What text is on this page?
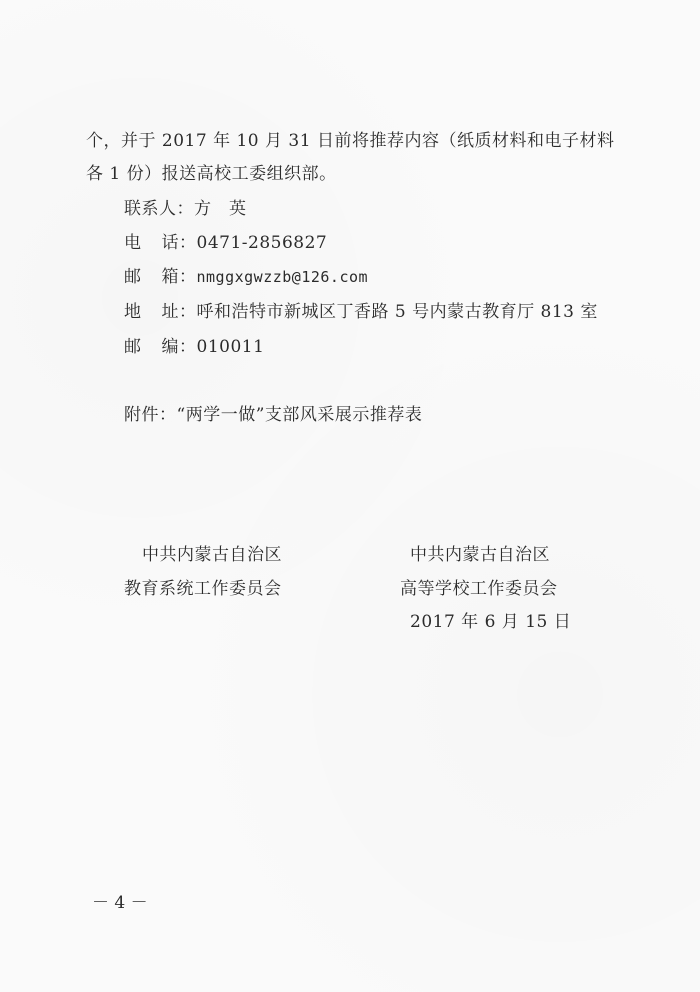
个，并于 2017 年 10 月 31 日前将推荐内容（纸质材料和电子材料
各 1 份）报送高校工委组织部。
联系人：方　英
电 话：0471-2856827
邮 箱：nmggxgwzzb@126.com
地 址：呼和浩特市新城区丁香路 5 号内蒙古教育厅 813 室
邮 编：010011
附件：“两学一做”支部风采展示推荐表
中共内蒙古自治区
教育系统工作委员会
中共内蒙古自治区
高等学校工作委员会
2017 年 6 月 15 日
－ 4 －
